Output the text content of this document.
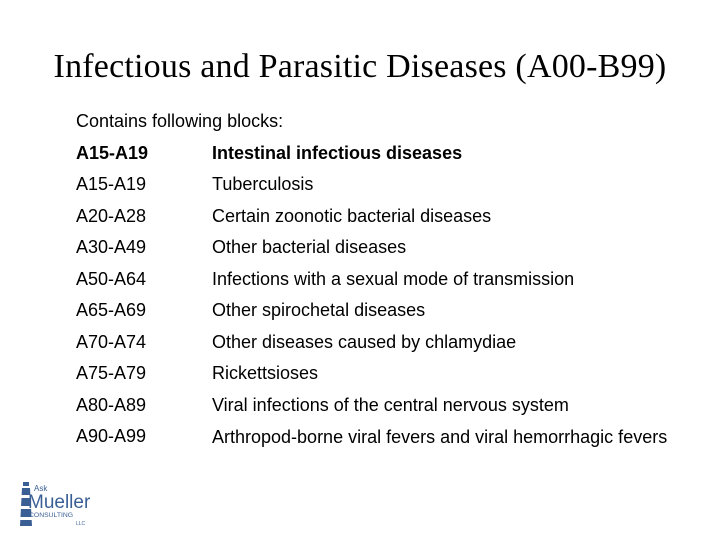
Infectious and Parasitic Diseases (A00-B99)

Contains following blocks:

A15-A19	Intestinal infectious diseases
A15-A19	Tuberculosis
A20-A28	Certain zoonotic bacterial diseases
A30-A49	Other bacterial diseases
A50-A64	Infections with a sexual mode of transmission
A65-A69	Other spirochetal diseases
A70-A74	Other diseases caused by chlamydiae
A75-A79	Rickettsioses
A80-A89	Viral infections of the central nervous system
A90-A99	Arthropod-borne viral fevers and viral hemorrhagic fevers
Ask
Mueller
CONSULTING
LLC
